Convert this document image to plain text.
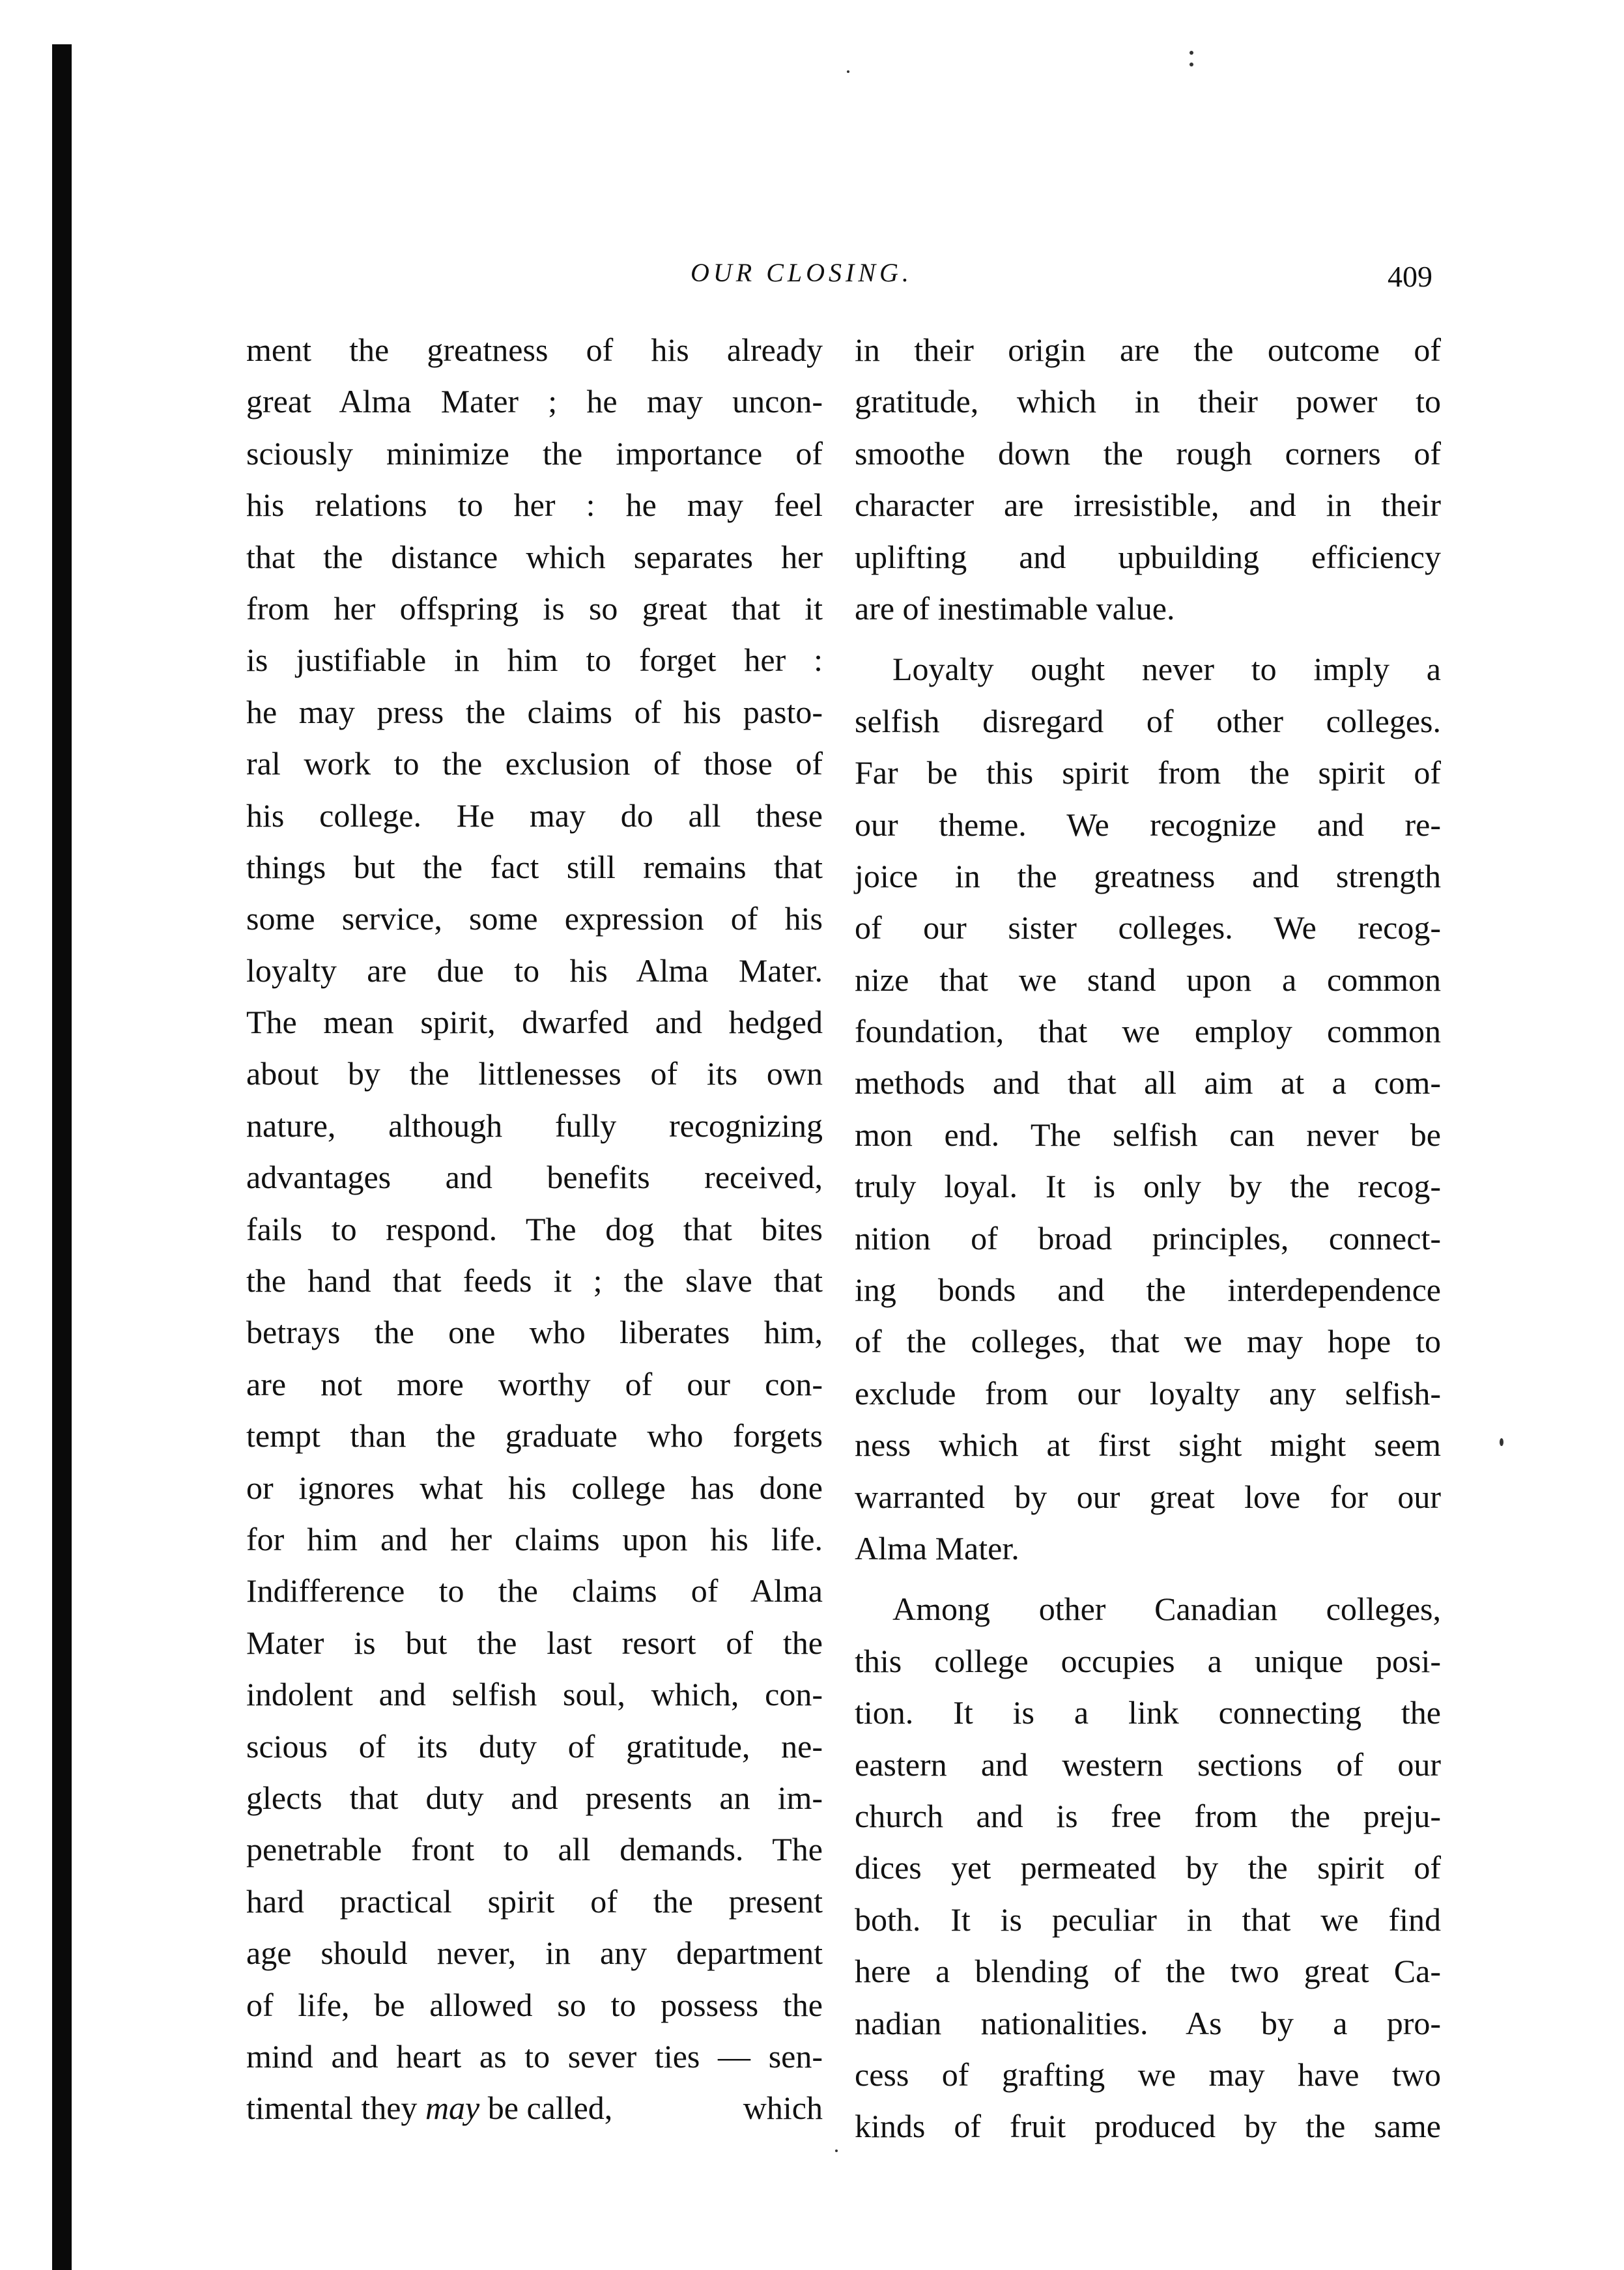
OUR CLOSING.	409
ment the greatness of his already
great Alma Mater ; he may uncon-
sciously minimize the importance of
his relations to her : he may feel
that the distance which separates her
from her offspring is so great that it
is justifiable in him to forget her :
he may press the claims of his pasto-
ral work to the exclusion of those of
his college. He may do all these
things but the fact still remains that
some service, some expression of his
loyalty are due to his Alma Mater.
The mean spirit, dwarfed and hedged
about by the littlenesses of its own
nature, although fully recognizing
advantages and benefits received,
fails to respond. The dog that bites
the hand that feeds it ; the slave that
betrays the one who liberates him,
are not more worthy of our con-
tempt than the graduate who forgets
or ignores what his college has done
for him and her claims upon his life.
Indifference to the claims of Alma
Mater is but the last resort of the
indolent and selfish soul, which, con-
scious of its duty of gratitude, ne-
glects that duty and presents an im-
penetrable front to all demands. The
hard practical spirit of the present
age should never, in any department
of life, be allowed so to possess the
mind and heart as to sever ties — sen-
timental they may be called,	which
in their origin are the outcome of
gratitude, which in their power to
smoothe down the rough corners of
character are irresistible, and in their
uplifting and upbuilding efficiency
are of inestimable value.
Loyalty ought never to imply a
selfish disregard of other colleges.
Far be this spirit from the spirit of
our theme. We recognize and re-
joice in the greatness and strength
of our sister colleges. We recog-
nize that we stand upon a common
foundation, that we employ common
methods and that all aim at a com-
mon end. The selfish can never be
truly loyal. It is only by the recog-
nition of broad principles, connect-
ing bonds and the interdependence
of the colleges, that we may hope to
exclude from our loyalty any selfish-
ness which at first sight might seem
warranted by our great love for our
Alma Mater.
Among other Canadian colleges,
this college occupies a unique posi-
tion. It is a link connecting the
eastern and western sections of our
church and is free from the preju-
dices yet permeated by the spirit of
both. It is peculiar in that we find
here a blending of the two great Ca-
nadian nationalities. As by a pro-
cess of grafting we may have two
kinds of fruit produced by the same
